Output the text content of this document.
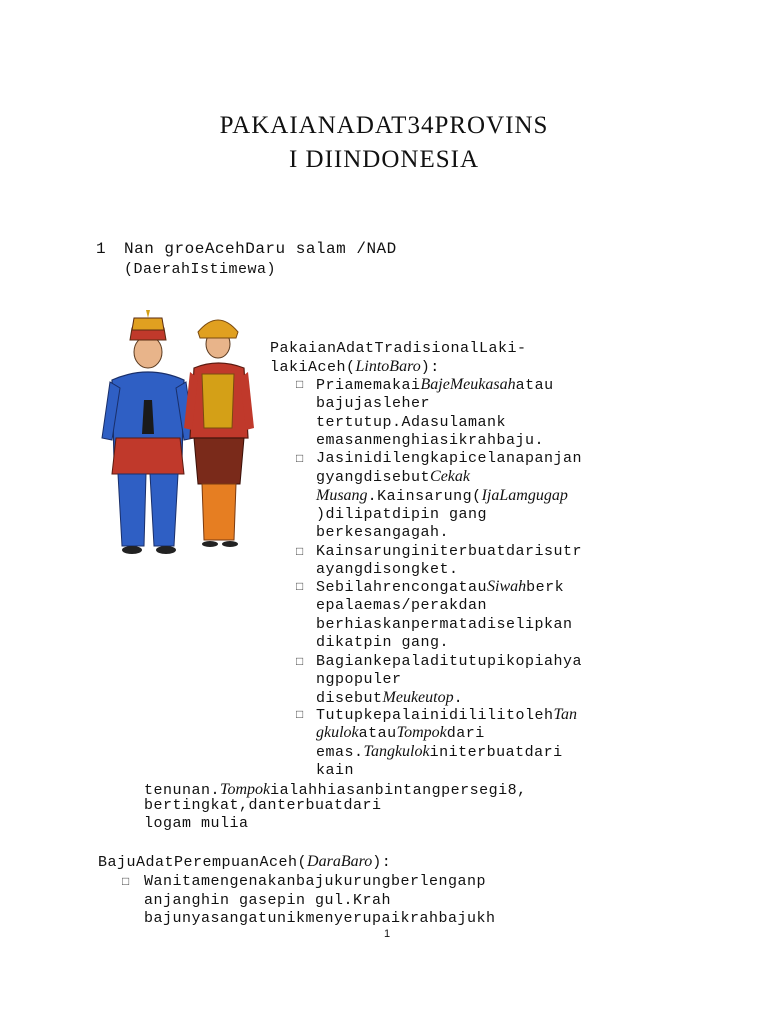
PAKAIANADAT34PROVINS
I DIINDONESIA
1 Nan groeAcehDaru salam /NAD
(DaerahIstimewa)
PakaianAdatTradisionalLaki-
lakiAceh(LintoBaro):
□ PriamemakaiBajeMeukasahatau
bajujasleher
tertutup.Adasulamank
emasanmenghiasikrahbaju.
□ Jasinidilengkapicelanapanjan
gyangdisebutCekak
Musang.Kainsarung(IjaLamgugap
)dilipatdipin gang
berkesangagah.
□ Kainsarunginiterbuatdarisutr
ayangdisongket.
□ SebilahrencongatauSiwahberk
epalaemas/perakdan
berhiaskanpermatadiselipkan
dikatpin gang.
□ Bagiankepaladitutupikopiahya
ngpopuler
disebutMeukeutop.
□ TutupkepalainidililitolehTan
gkulokatauTompokdari
emas.Tangkulokiniterbuatdari
kain
tenunan.Tompokialahhiasanbintangpersegi8,
bertingkat,danterbuatdari
logam mulia
BajuAdatPerempuanAceh(DaraBaro):
□ Wanitamengenakanbajukurungberlenganp
anjanghin gasepin gul.Krah
bajunyasangatunikmenyerupaikrahbajukh
1
